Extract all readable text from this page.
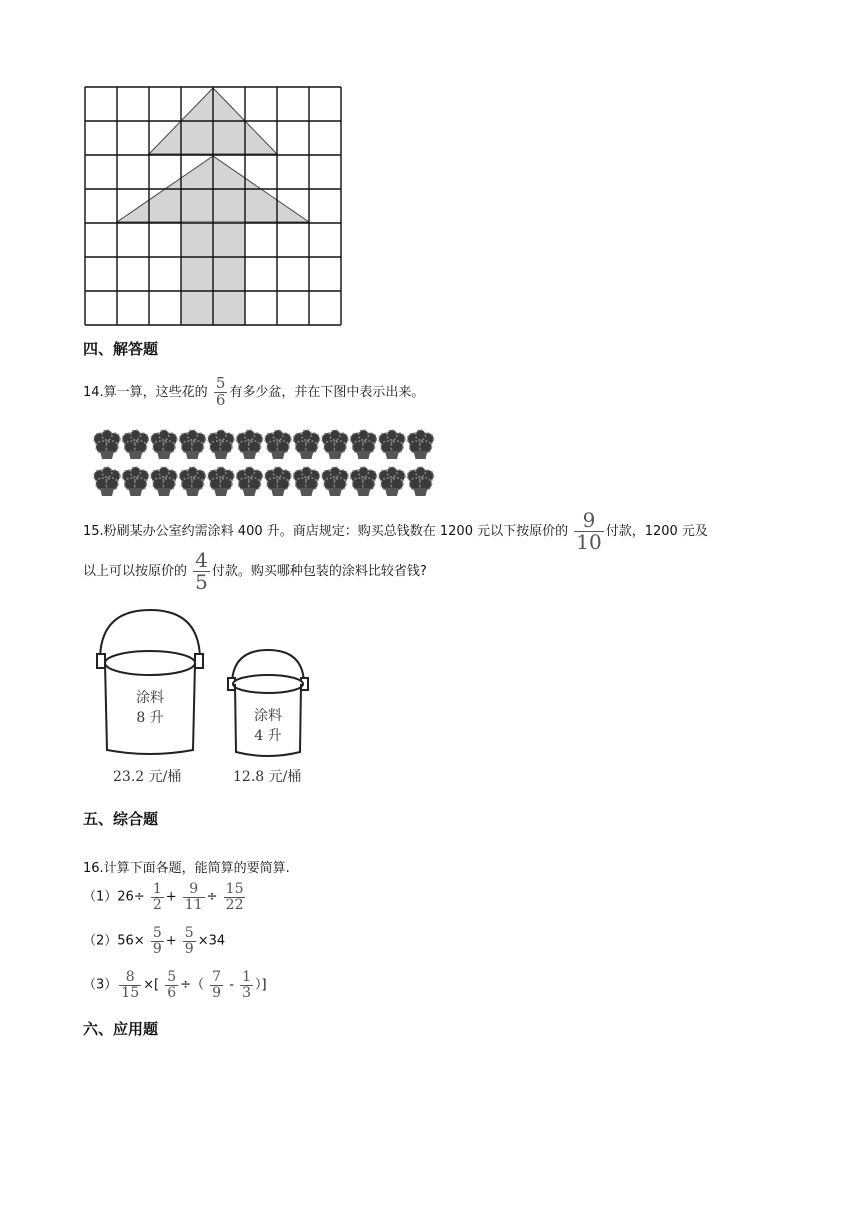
四、解答题
14.算一算，这些花的 $\frac{5}{6}$ 有多少盆，并在下图中表示出来。
15.粉刷某办公室约需涂料 400 升。商店规定：购买总钱数在 1200 元以下按原价的 $\frac{9}{10}$ 付款，1200 元及
以上可以按原价的 $\frac{4}{5}$ 付款。购买哪种包装的涂料比较省钱?
涂料
8 升	涂料
4 升
23.2 元/桶	12.8 元/桶
五、综合题
16.计算下面各题，能简算的要简算.
$(1)26\div \frac{1}{2} + \frac{9}{11} \div \frac{15}{22}$
$(2)56\times \frac{5}{9} + \frac{5}{9} \times 34$
$(3) \frac{8}{15}$ ×[ $\frac{5}{6}$ ÷（ $\frac{7}{9} - \frac{1}{3}$ ）]
六、应用题
